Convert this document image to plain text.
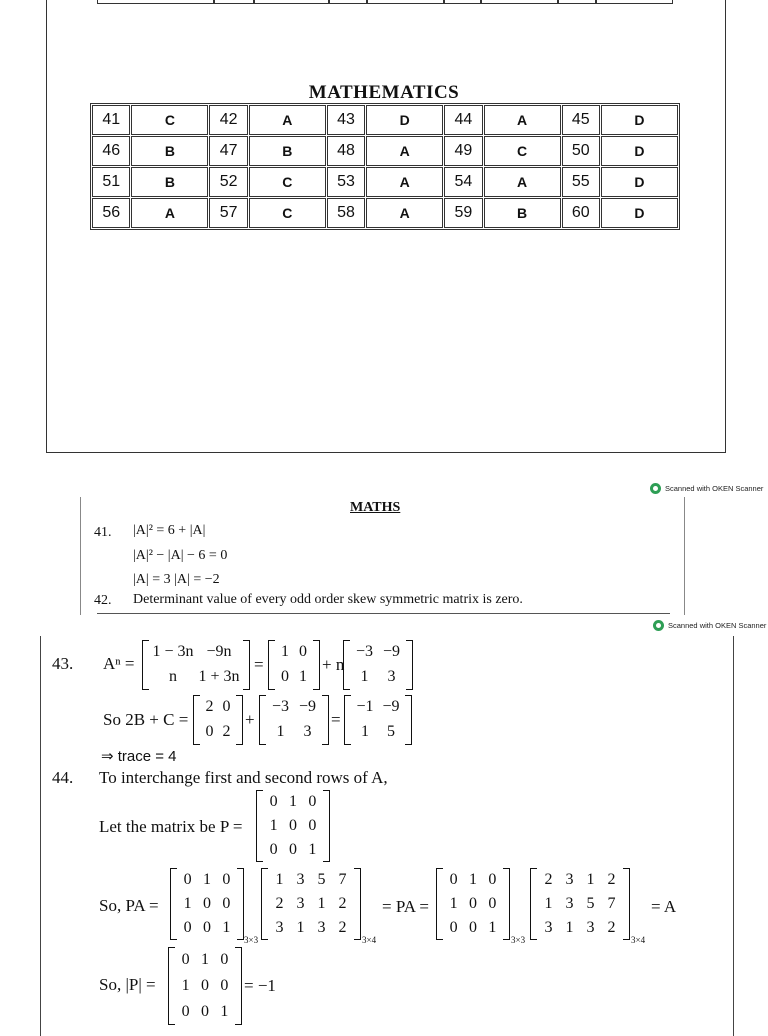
MATHEMATICS
41	C	42	A	43	D	44	A	45	D
46	B	47	B	48	A	49	C	50	D
51	B	52	C	53	A	54	A	55	D
56	A	57	C	58	A	59	B	60	D
Scanned with OKEN Scanner
MATHS
41. |A|² = 6 + |A|
|A|² − |A| − 6 = 0
|A| = 3 |A| = −2
42. Determinant value of every odd order skew symmetric matrix is zero.
Scanned with OKEN Scanner
43. Aⁿ =
1 − 3n −9n
n	1 + 3n
=
1 0
0 1
+ n
−3 −9
1	3
So 2B + C =
2 0
0 2
+
−3 −9
1	3
=
−1 −9
1	5
⇒ trace = 4
44. To interchange first and second rows of A,
Let the matrix be P =
0 1 0
1 0 0
0 0 1
So, PA =
0 1 0
1 0 0
0 0 1
3×3
1 3 5 7
2 3 1 2
3 1 3 2
3×4
= PA =
0 1 0
1 0 0
0 0 1
3×3
2 3 1 2
1 3 5 7
3 1 3 2
3×4
= A
So, |P| =
0 1 0
1 0 0
0 0 1
= −1
